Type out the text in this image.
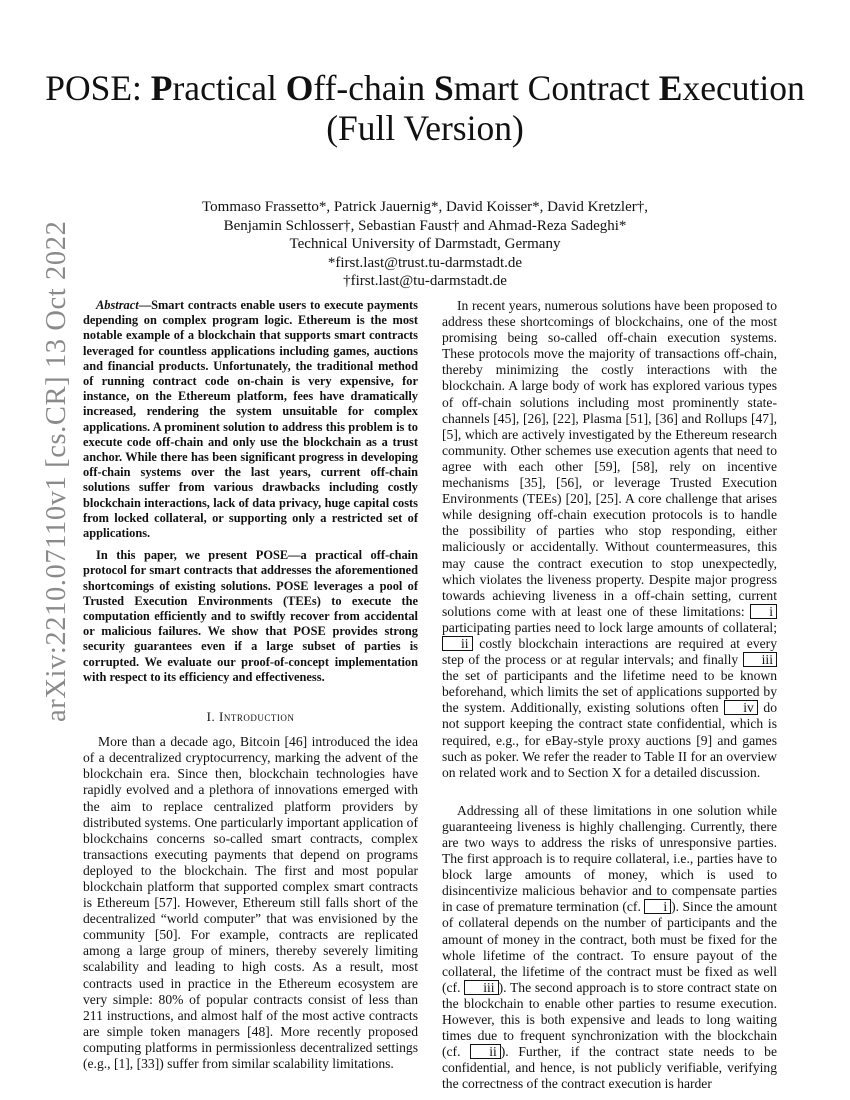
arXiv:2210.07110v1 [cs.CR] 13 Oct 2022
POSE: Practical Off-chain Smart Contract Execution
(Full Version)
Tommaso Frassetto*, Patrick Jauernig*, David Koisser*, David Kretzler†,
Benjamin Schlosser†, Sebastian Faust† and Ahmad-Reza Sadeghi*
Technical University of Darmstadt, Germany
*first.last@trust.tu-darmstadt.de
†first.last@tu-darmstadt.de

Abstract—Smart contracts enable users to execute payments depending on complex program logic. Ethereum is the most notable example of a blockchain that supports smart contracts leveraged for countless applications including games, auctions and financial products. Unfortunately, the traditional method of running contract code on-chain is very expensive, for instance, on the Ethereum platform, fees have dramatically increased, rendering the system unsuitable for complex applications. A prominent solution to address this problem is to execute code off-chain and only use the blockchain as a trust anchor. While there has been significant progress in developing off-chain systems over the last years, current off-chain solutions suffer from various drawbacks including costly blockchain interactions, lack of data privacy, huge capital costs from locked collateral, or supporting only a restricted set of applications.

In this paper, we present POSE—a practical off-chain protocol for smart contracts that addresses the aforementioned shortcomings of existing solutions. POSE leverages a pool of Trusted Execution Environments (TEEs) to execute the computation efficiently and to swiftly recover from accidental or malicious failures. We show that POSE provides strong security guarantees even if a large subset of parties is corrupted. We evaluate our proof-of-concept implementation with respect to its efficiency and effectiveness.

I. Introduction

More than a decade ago, Bitcoin [46] introduced the idea of a decentralized cryptocurrency, marking the advent of the blockchain era. Since then, blockchain technologies have rapidly evolved and a plethora of innovations emerged with the aim to replace centralized platform providers by distributed systems. One particularly important application of blockchains concerns so-called smart contracts, complex transactions executing payments that depend on programs deployed to the blockchain. The first and most popular blockchain platform that supported complex smart contracts is Ethereum [57]. However, Ethereum still falls short of the decentralized “world computer” that was envisioned by the community [50]. For example, contracts are replicated among a large group of miners, thereby severely limiting scalability and leading to high costs. As a result, most contracts used in practice in the Ethereum ecosystem are very simple: 80% of popular contracts consist of less than 211 instructions, and almost half of the most active contracts are simple token managers [48]. More recently proposed computing platforms in permissionless decentralized settings (e.g., [1], [33]) suffer from similar scalability limitations.

In recent years, numerous solutions have been proposed to address these shortcomings of blockchains, one of the most promising being so-called off-chain execution systems. These protocols move the majority of transactions off-chain, thereby minimizing the costly interactions with the blockchain. A large body of work has explored various types of off-chain solutions including most prominently state-channels [45], [26], [22], Plasma [51], [36] and Rollups [47], [5], which are actively investigated by the Ethereum research community. Other schemes use execution agents that need to agree with each other [59], [58], rely on incentive mechanisms [35], [56], or leverage Trusted Execution Environments (TEEs) [20], [25]. A core challenge that arises while designing off-chain execution protocols is to handle the possibility of parties who stop responding, either maliciously or accidentally. Without countermeasures, this may cause the contract execution to stop unexpectedly, which violates the liveness property. Despite major progress towards achieving liveness in a off-chain setting, current solutions come with at least one of these limitations: i participating parties need to lock large amounts of collateral; ii costly blockchain interactions are required at every step of the process or at regular intervals; and finally iii the set of participants and the lifetime need to be known beforehand, which limits the set of applications supported by the system. Additionally, existing solutions often iv do not support keeping the contract state confidential, which is required, e.g., for eBay-style proxy auctions [9] and games such as poker. We refer the reader to Table II for an overview on related work and to Section X for a detailed discussion.

Addressing all of these limitations in one solution while guaranteeing liveness is highly challenging. Currently, there are two ways to address the risks of unresponsive parties. The first approach is to require collateral, i.e., parties have to block large amounts of money, which is used to disincentivize malicious behavior and to compensate parties in case of premature termination (cf. i ). Since the amount of collateral depends on the number of participants and the amount of money in the contract, both must be fixed for the whole lifetime of the contract. To ensure payout of the collateral, the lifetime of the contract must be fixed as well (cf. iii ). The second approach is to store contract state on the blockchain to enable other parties to resume execution. However, this is both expensive and leads to long waiting times due to frequent synchronization with the blockchain (cf. ii ). Further, if the contract state needs to be confidential, and hence, is not publicly verifiable, verifying the correctness of the contract execution is harder
